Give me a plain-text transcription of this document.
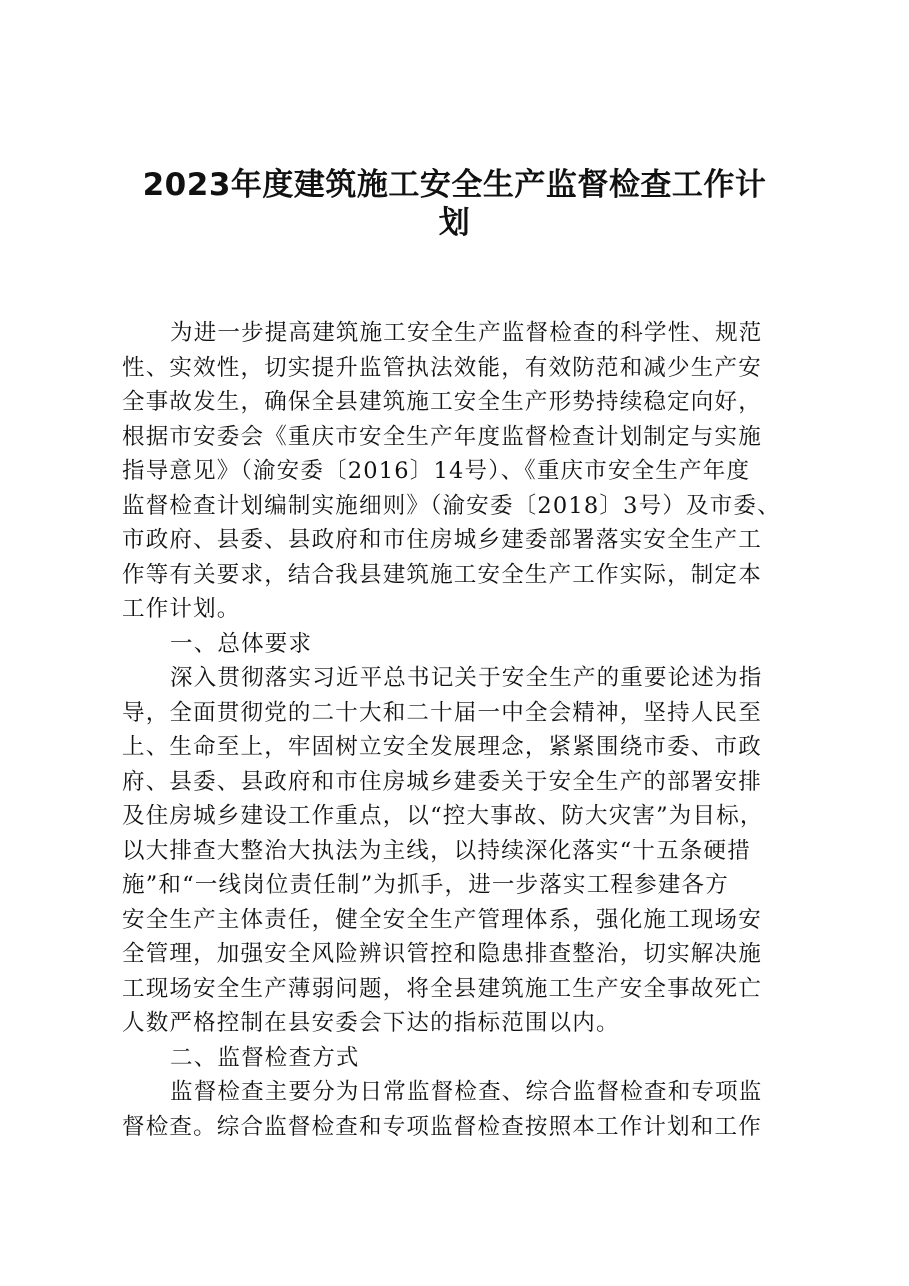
2023年度建筑施工安全生产监督检查工作计
划
为进一步提高建筑施工安全生产监督检查的科学性、规范
性、实效性，切实提升监管执法效能，有效防范和减少生产安
全事故发生，确保全县建筑施工安全生产形势持续稳定向好，
根据市安委会《重庆市安全生产年度监督检查计划制定与实施
指导意见》（渝安委〔2016〕14号）、《重庆市安全生产年度
监督检查计划编制实施细则》（渝安委〔2018〕3号）及市委、
市政府、县委、县政府和市住房城乡建委部署落实安全生产工
作等有关要求，结合我县建筑施工安全生产工作实际，制定本
工作计划。
一、总体要求
深入贯彻落实习近平总书记关于安全生产的重要论述为指
导，全面贯彻党的二十大和二十届一中全会精神，坚持人民至
上、生命至上，牢固树立安全发展理念，紧紧围绕市委、市政
府、县委、县政府和市住房城乡建委关于安全生产的部署安排
及住房城乡建设工作重点，以“控大事故、防大灾害”为目标，
以大排查大整治大执法为主线，以持续深化落实“十五条硬措
施”和“一线岗位责任制”为抓手，进一步落实工程参建各方
安全生产主体责任，健全安全生产管理体系，强化施工现场安
全管理，加强安全风险辨识管控和隐患排查整治，切实解决施
工现场安全生产薄弱问题，将全县建筑施工生产安全事故死亡
人数严格控制在县安委会下达的指标范围以内。
二、监督检查方式
监督检查主要分为日常监督检查、综合监督检查和专项监
督检查。综合监督检查和专项监督检查按照本工作计划和工作
